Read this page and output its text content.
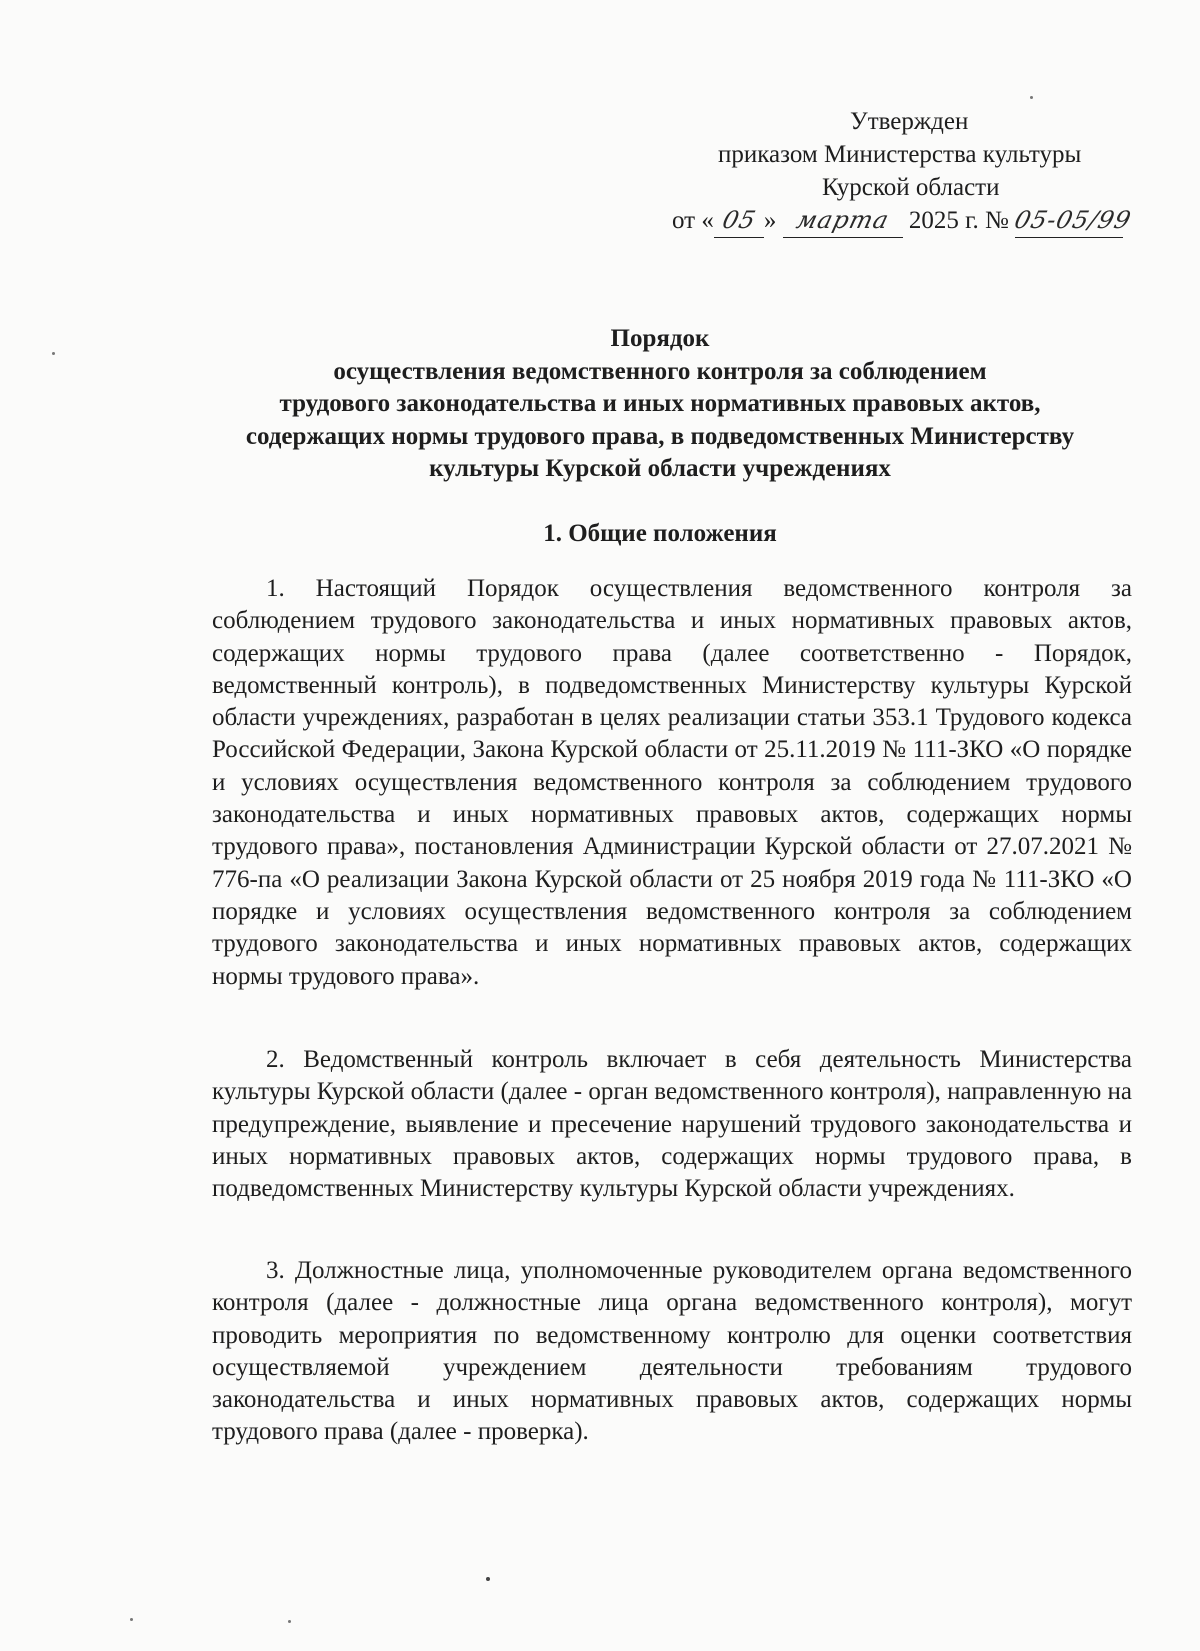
Утвержден
приказом Министерства культуры
Курской области
от « 05 » марта 2025 г. № 05-05/99
Порядок
осуществления ведомственного контроля за соблюдением
трудового законодательства и иных нормативных правовых актов,
содержащих нормы трудового права, в подведомственных Министерству
культуры Курской области учреждениях
1. Общие положения

1. Настоящий Порядок осуществления ведомственного контроля за соблюдением трудового законодательства и иных нормативных правовых актов, содержащих нормы трудового права (далее соответственно - Порядок, ведомственный контроль), в подведомственных Министерству культуры Курской области учреждениях, разработан в целях реализации статьи 353.1 Трудового кодекса Российской Федерации, Закона Курской области от 25.11.2019 № 111-ЗКО «О порядке и условиях осуществления ведомственного контроля за соблюдением трудового законодательства и иных нормативных правовых актов, содержащих нормы трудового права», постановления Администрации Курской области от 27.07.2021 № 776-па «О реализации Закона Курской области от 25 ноября 2019 года № 111-ЗКО «О порядке и условиях осуществления ведомственного контроля за соблюдением трудового законодательства и иных нормативных правовых актов, содержащих нормы трудового права».

2. Ведомственный контроль включает в себя деятельность Министерства культуры Курской области (далее - орган ведомственного контроля), направленную на предупреждение, выявление и пресечение нарушений трудового законодательства и иных нормативных правовых актов, содержащих нормы трудового права, в подведомственных Министерству культуры Курской области учреждениях.

3. Должностные лица, уполномоченные руководителем органа ведомственного контроля (далее - должностные лица органа ведомственного контроля), могут проводить мероприятия по ведомственному контролю для оценки соответствия осуществляемой учреждением деятельности требованиям трудового законодательства и иных нормативных правовых актов, содержащих нормы трудового права (далее - проверка).
